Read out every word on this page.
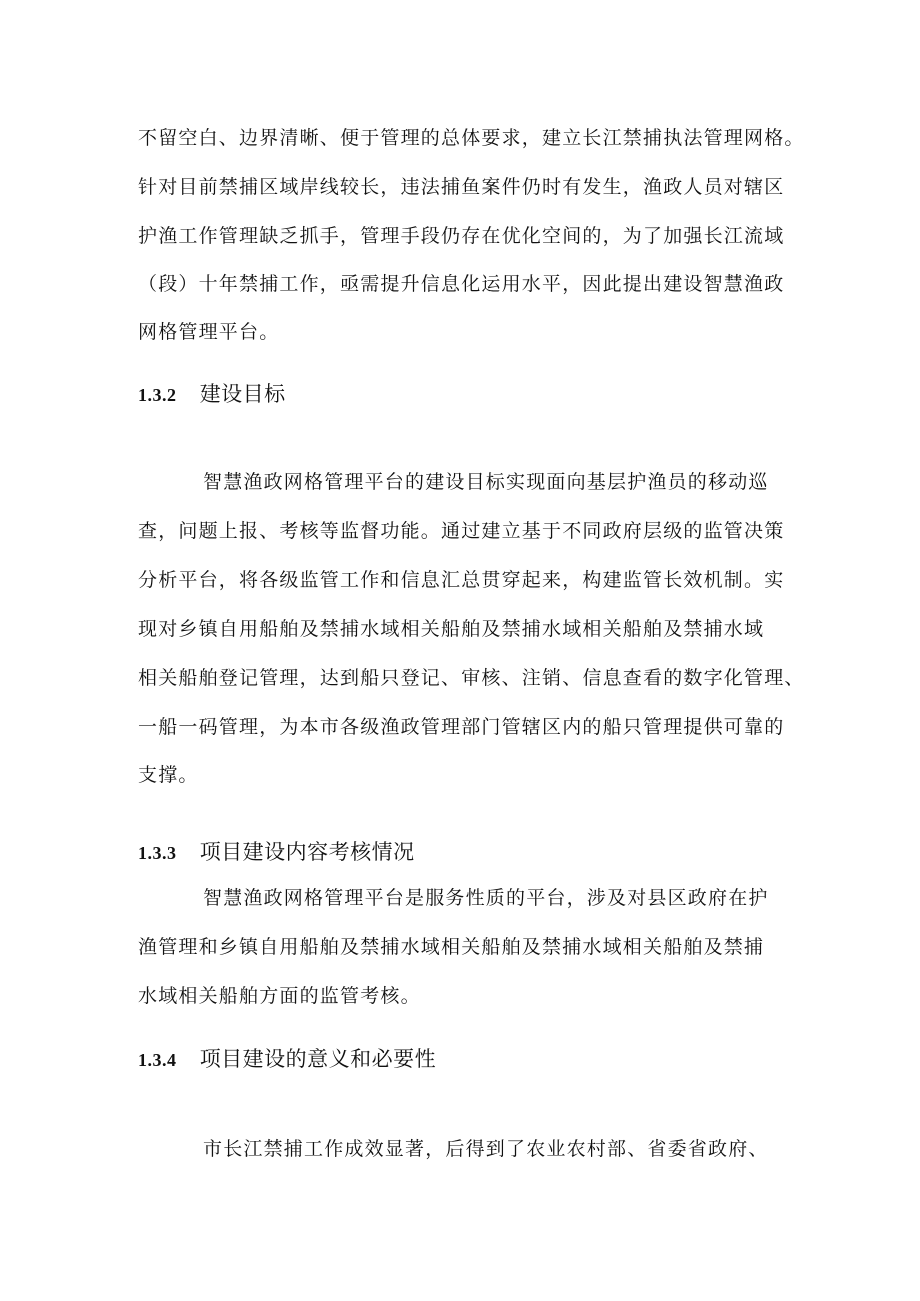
不留空白、边界清晰、便于管理的总体要求，建立长江禁捕执法管理网格。
针对目前禁捕区域岸线较长，违法捕鱼案件仍时有发生，渔政人员对辖区
护渔工作管理缺乏抓手，管理手段仍存在优化空间的，为了加强长江流域
（段）十年禁捕工作，亟需提升信息化运用水平，因此提出建设智慧渔政
网格管理平台。
1.3.2 建设目标
智慧渔政网格管理平台的建设目标实现面向基层护渔员的移动巡
查，问题上报、考核等监督功能。通过建立基于不同政府层级的监管决策
分析平台，将各级监管工作和信息汇总贯穿起来，构建监管长效机制。实
现对乡镇自用船舶及禁捕水域相关船舶及禁捕水域相关船舶及禁捕水域
相关船舶登记管理，达到船只登记、审核、注销、信息查看的数字化管理、
一船一码管理，为本市各级渔政管理部门管辖区内的船只管理提供可靠的
支撑。
1.3.3 项目建设内容考核情况
智慧渔政网格管理平台是服务性质的平台，涉及对县区政府在护
渔管理和乡镇自用船舶及禁捕水域相关船舶及禁捕水域相关船舶及禁捕
水域相关船舶方面的监管考核。
1.3.4 项目建设的意义和必要性
市长江禁捕工作成效显著，后得到了农业农村部、省委省政府、
